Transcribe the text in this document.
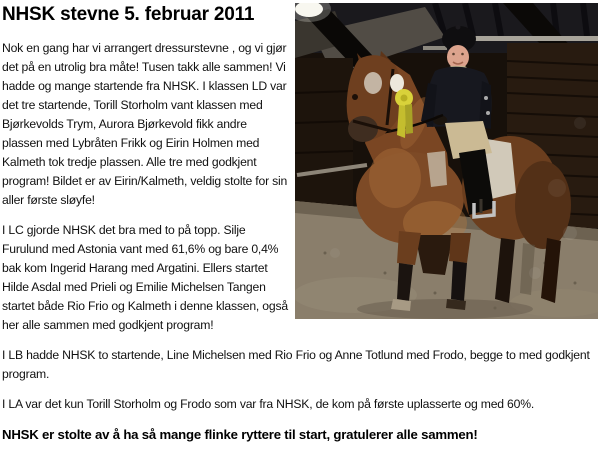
NHSK stevne 5. februar 2011

Nok en gang har vi arrangert dressurstevne , og vi gjør det på en utrolig bra måte! Tusen takk alle sammen! Vi hadde og mange startende fra NHSK. I klassen LD var det tre startende, Torill Storholm vant klassen med Bjørkevolds Trym, Aurora Bjørkevold fikk andre plassen med Lybråten Frikk og Eirin Holmen med Kalmeth tok tredje plassen. Alle tre med godkjent program! Bildet er av Eirin/Kalmeth, veldig stolte for sin aller første sløyfe!

I LC gjorde NHSK det bra med to på topp. Silje Furulund med Astonia vant med 61,6% og bare 0,4% bak kom Ingerid Harang med Argatini. Ellers startet Hilde Asdal med Prieli og Emilie Michelsen Tangen startet både Rio Frio og Kalmeth i denne klassen, også her alle sammen med godkjent program!

I LB hadde NHSK to startende, Line Michelsen med Rio Frio og Anne Totlund med Frodo, begge to med godkjent program.

I LA var det kun Torill Storholm og Frodo som var fra NHSK, de kom på første uplasserte og med 60%.

NHSK er stolte av å ha så mange flinke ryttere til start, gratulerer alle sammen!
